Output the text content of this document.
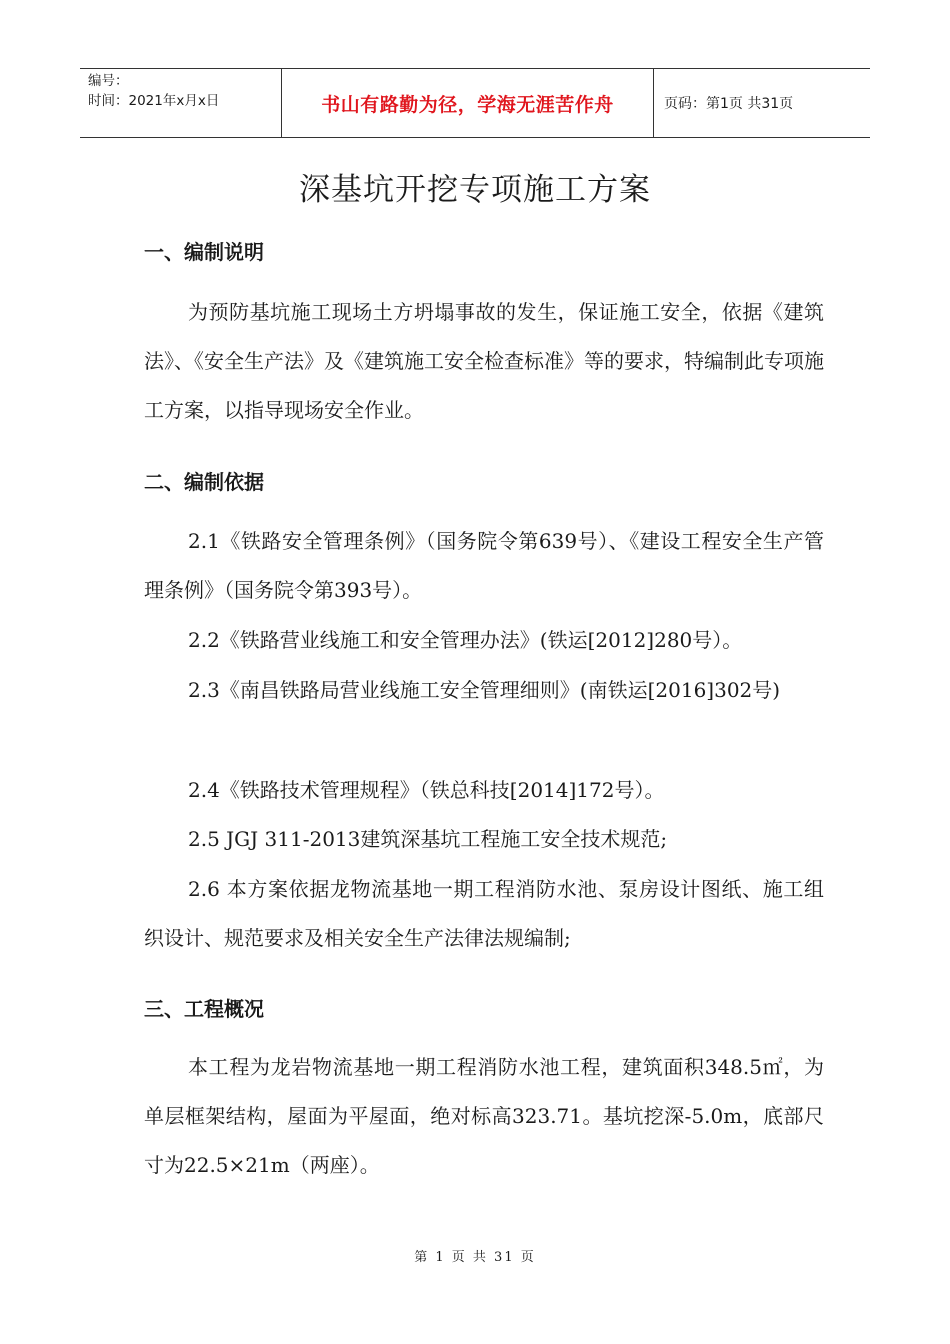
编号：
时间：2021年x月x日	书山有路勤为径，学海无涯苦作舟	页码：第1页 共31页
深基坑开挖专项施工方案
一、编制说明
为预防基坑施工现场土方坍塌事故的发生，保证施工安全，依据《建筑法》、《安全生产法》及《建筑施工安全检查标准》等的要求，特编制此专项施工方案，以指导现场安全作业。
二、编制依据
2.1《铁路安全管理条例》（国务院令第639号）、《建设工程安全生产管理条例》（国务院令第393号）。
2.2《铁路营业线施工和安全管理办法》(铁运[2012]280号）。
2.3《南昌铁路局营业线施工安全管理细则》(南铁运[2016]302号)
2.4《铁路技术管理规程》（铁总科技[2014]172号）。
2.5 JGJ 311-2013建筑深基坑工程施工安全技术规范;
2.6 本方案依据龙物流基地一期工程消防水池、泵房设计图纸、施工组织设计、规范要求及相关安全生产法律法规编制;
三、工程概况
本工程为龙岩物流基地一期工程消防水池工程，建筑面积348.5㎡，为单层框架结构，屋面为平屋面，绝对标高323.71。基坑挖深-5.0m，底部尺寸为22.5×21m（两座）。
第 1 页 共 31 页
